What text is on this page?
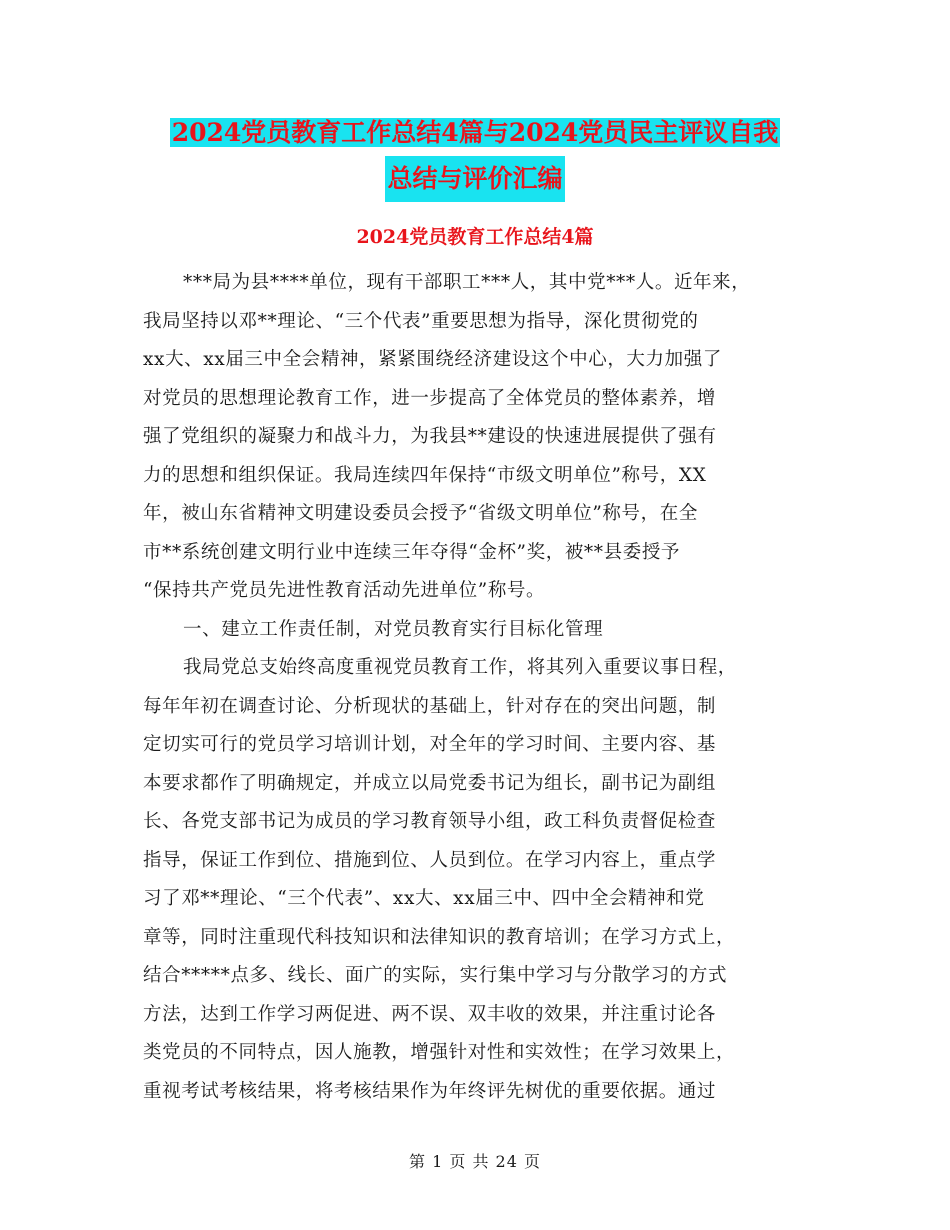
2024党员教育工作总结4篇与2024党员民主评议自我
总结与评价汇编
2024党员教育工作总结4篇
***局为县****单位，现有干部职工***人，其中党***人。近年来，
我局坚持以邓**理论、“三个代表”重要思想为指导，深化贯彻党的
xx大、xx届三中全会精神，紧紧围绕经济建设这个中心，大力加强了
对党员的思想理论教育工作，进一步提高了全体党员的整体素养，增
强了党组织的凝聚力和战斗力，为我县**建设的快速进展提供了强有
力的思想和组织保证。我局连续四年保持“市级文明单位”称号，XX
年，被山东省精神文明建设委员会授予“省级文明单位”称号，在全
市**系统创建文明行业中连续三年夺得“金杯”奖，被**县委授予
“保持共产党员先进性教育活动先进单位”称号。
一、建立工作责任制，对党员教育实行目标化管理
我局党总支始终高度重视党员教育工作，将其列入重要议事日程，
每年年初在调查讨论、分析现状的基础上，针对存在的突出问题，制
定切实可行的党员学习培训计划，对全年的学习时间、主要内容、基
本要求都作了明确规定，并成立以局党委书记为组长，副书记为副组
长、各党支部书记为成员的学习教育领导小组，政工科负责督促检查
指导，保证工作到位、措施到位、人员到位。在学习内容上，重点学
习了邓**理论、“三个代表”、xx大、xx届三中、四中全会精神和党
章等，同时注重现代科技知识和法律知识的教育培训；在学习方式上，
结合*****点多、线长、面广的实际，实行集中学习与分散学习的方式
方法，达到工作学习两促进、两不误、双丰收的效果，并注重讨论各
类党员的不同特点，因人施教，增强针对性和实效性；在学习效果上，
重视考试考核结果，将考核结果作为年终评先树优的重要依据。通过
第 1 页 共 24 页
